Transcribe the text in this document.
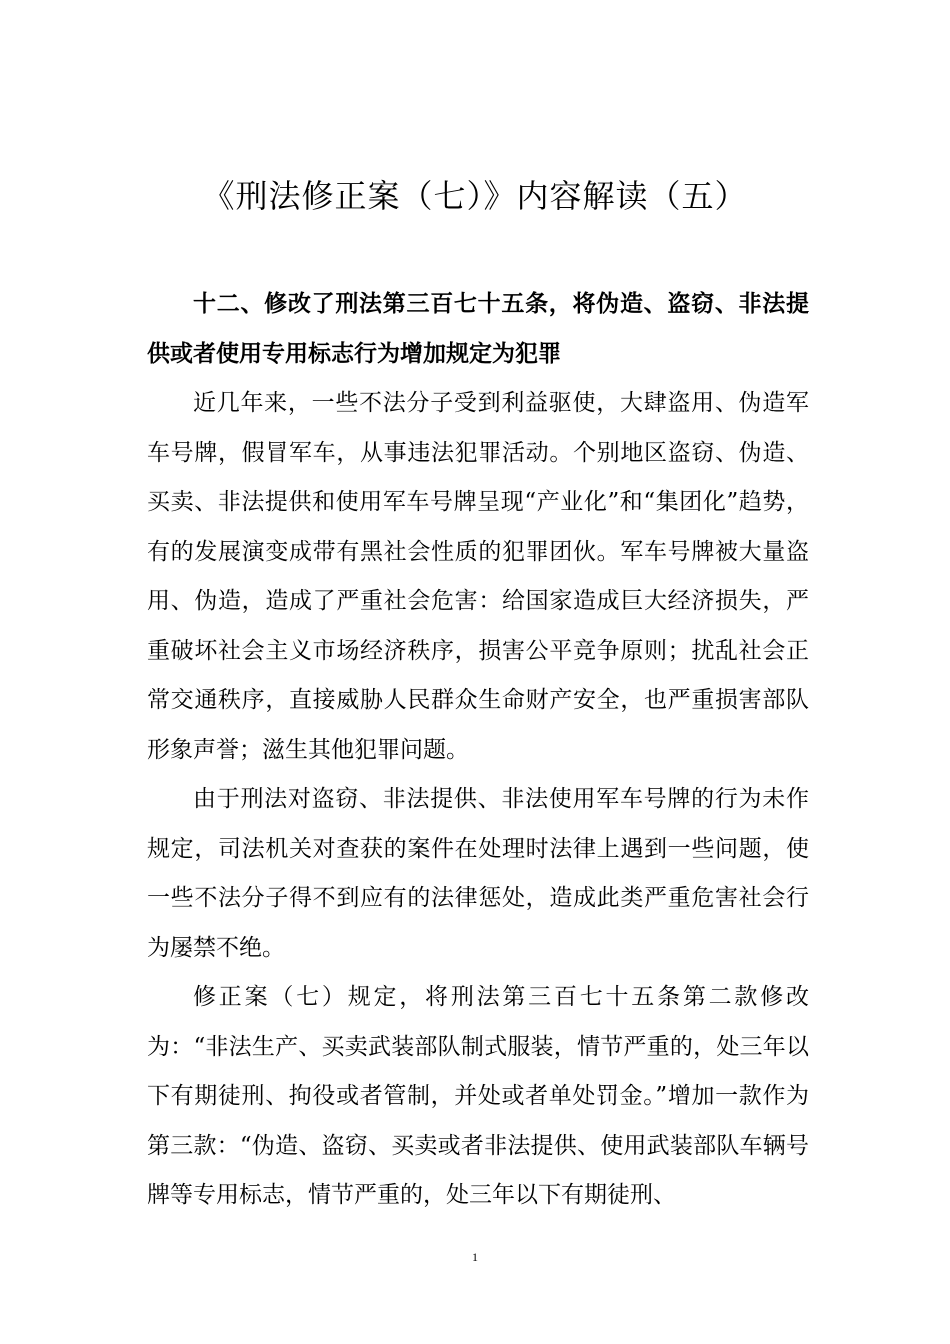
《刑法修正案（七）》内容解读（五）

十二、修改了刑法第三百七十五条，将伪造、盗窃、非法提供或者使用专用标志行为增加规定为犯罪

近几年来，一些不法分子受到利益驱使，大肆盗用、伪造军车号牌，假冒军车，从事违法犯罪活动。个别地区盗窃、伪造、买卖、非法提供和使用军车号牌呈现“产业化”和“集团化”趋势，有的发展演变成带有黑社会性质的犯罪团伙。军车号牌被大量盗用、伪造，造成了严重社会危害：给国家造成巨大经济损失，严重破坏社会主义市场经济秩序，损害公平竞争原则；扰乱社会正常交通秩序，直接威胁人民群众生命财产安全，也严重损害部队形象声誉；滋生其他犯罪问题。

由于刑法对盗窃、非法提供、非法使用军车号牌的行为未作规定，司法机关对查获的案件在处理时法律上遇到一些问题，使一些不法分子得不到应有的法律惩处，造成此类严重危害社会行为屡禁不绝。

修正案（七）规定，将刑法第三百七十五条第二款修改为：“非法生产、买卖武装部队制式服装，情节严重的，处三年以下有期徒刑、拘役或者管制，并处或者单处罚金。”增加一款作为第三款：“伪造、盗窃、买卖或者非法提供、使用武装部队车辆号牌等专用标志，情节严重的，处三年以下有期徒刑、

1
